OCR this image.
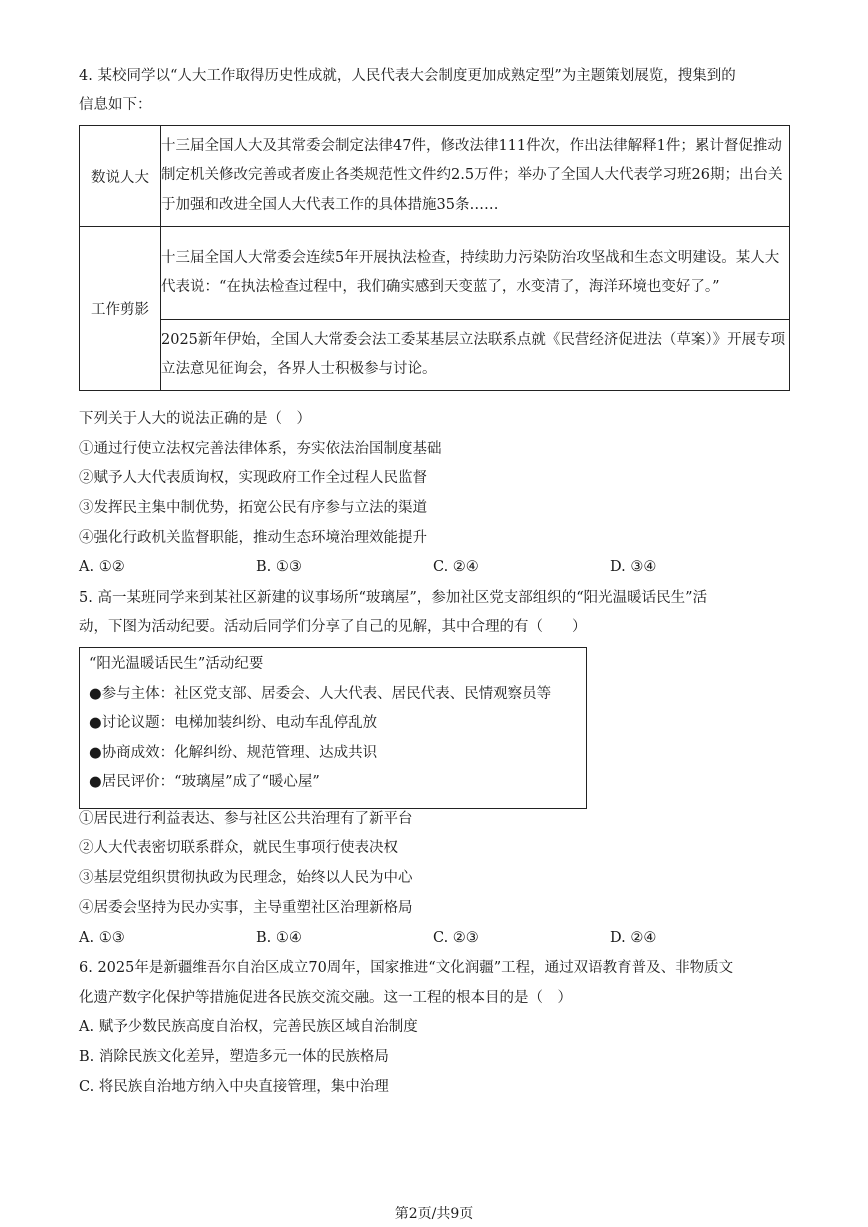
4. 某校同学以“人大工作取得历史性成就，人民代表大会制度更加成熟定型”为主题策划展览，搜集到的
信息如下：
数说人大	十三届全国人大及其常委会制定法律47件，修改法律111件次，作出法律解释1件；累计督促推动制定机关修改完善或者废止各类规范性文件约2.5万件；举办了全国人大代表学习班26期；出台关于加强和改进全国人大代表工作的具体措施35条……
工作剪影	十三届全国人大常委会连续5年开展执法检查，持续助力污染防治攻坚战和生态文明建设。某人大代表说：“在执法检查过程中，我们确实感到天变蓝了，水变清了，海洋环境也变好了。”
	2025新年伊始，全国人大常委会法工委某基层立法联系点就《民营经济促进法（草案）》开展专项立法意见征询会，各界人士积极参与讨论。
下列关于人大的说法正确的是（　）
①通过行使立法权完善法律体系，夯实依法治国制度基础
②赋予人大代表质询权，实现政府工作全过程人民监督
③发挥民主集中制优势，拓宽公民有序参与立法的渠道
④强化行政机关监督职能，推动生态环境治理效能提升
A. ①②	B. ①③	C. ②④	D. ③④
5. 高一某班同学来到某社区新建的议事场所“玻璃屋”，参加社区党支部组织的“阳光温暖话民生”活
动，下图为活动纪要。活动后同学们分享了自己的见解，其中合理的有（　　）
“阳光温暖话民生”活动纪要
●参与主体：社区党支部、居委会、人大代表、居民代表、民情观察员等
●讨论议题：电梯加装纠纷、电动车乱停乱放
●协商成效：化解纠纷、规范管理、达成共识
●居民评价：“玻璃屋”成了“暖心屋”
①居民进行利益表达、参与社区公共治理有了新平台
②人大代表密切联系群众，就民生事项行使表决权
③基层党组织贯彻执政为民理念，始终以人民为中心
④居委会坚持为民办实事，主导重塑社区治理新格局
A. ①③	B. ①④	C. ②③	D. ②④
6. 2025年是新疆维吾尔自治区成立70周年，国家推进“文化润疆”工程，通过双语教育普及、非物质文
化遗产数字化保护等措施促进各民族交流交融。这一工程的根本目的是（　）
A. 赋予少数民族高度自治权，完善民族区域自治制度
B. 消除民族文化差异，塑造多元一体的民族格局
C. 将民族自治地方纳入中央直接管理，集中治理
第2页/共9页
